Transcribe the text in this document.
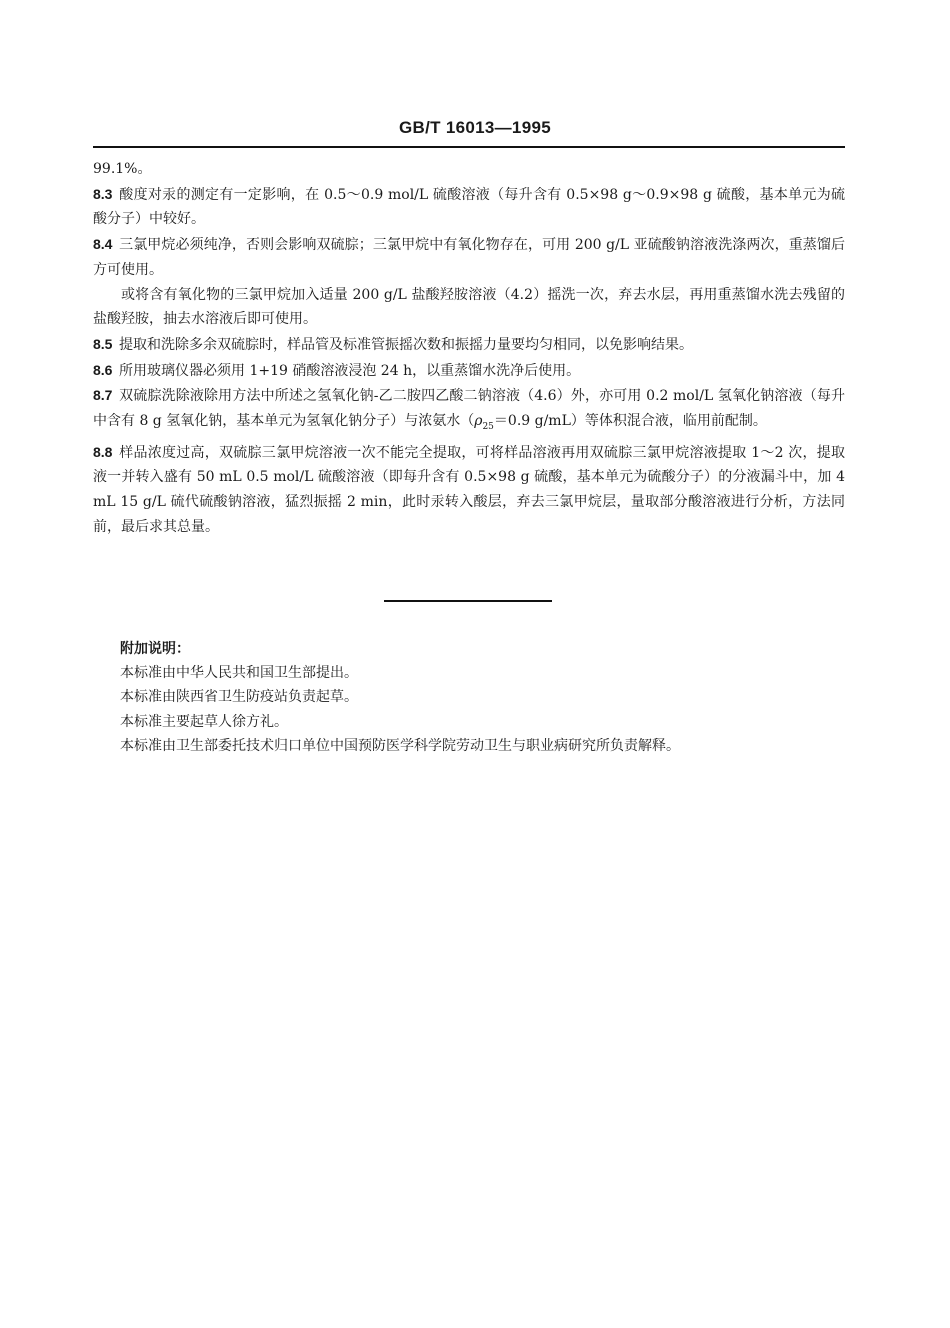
GB/T 16013—1995

99.1%。

8.3 酸度对汞的测定有一定影响，在 0.5～0.9 mol/L 硫酸溶液（每升含有 0.5×98 g～0.9×98 g 硫酸，基本单元为硫酸分子）中较好。

8.4 三氯甲烷必须纯净，否则会影响双硫腙；三氯甲烷中有氧化物存在，可用 200 g/L 亚硫酸钠溶液洗涤两次，重蒸馏后方可使用。

或将含有氧化物的三氯甲烷加入适量 200 g/L 盐酸羟胺溶液（4.2）摇洗一次，弃去水层，再用重蒸馏水洗去残留的盐酸羟胺，抽去水溶液后即可使用。

8.5 提取和洗除多余双硫腙时，样品管及标准管振摇次数和振摇力量要均匀相同，以免影响结果。

8.6 所用玻璃仪器必须用 1+19 硝酸溶液浸泡 24 h，以重蒸馏水洗净后使用。

8.7 双硫腙洗除液除用方法中所述之氢氧化钠-乙二胺四乙酸二钠溶液（4.6）外，亦可用 0.2 mol/L 氢氧化钠溶液（每升中含有 8 g 氢氧化钠，基本单元为氢氧化钠分子）与浓氨水（$\rho_{25}=0.9$ g/mL）等体积混合液，临用前配制。

8.8 样品浓度过高，双硫腙三氯甲烷溶液一次不能完全提取，可将样品溶液再用双硫腙三氯甲烷溶液提取 1～2 次，提取液一并转入盛有 50 mL 0.5 mol/L 硫酸溶液（即每升含有 0.5×98 g 硫酸，基本单元为硫酸分子）的分液漏斗中，加 4 mL 15 g/L 硫代硫酸钠溶液，猛烈振摇 2 min，此时汞转入酸层，弃去三氯甲烷层，量取部分酸溶液进行分析，方法同前，最后求其总量。

附加说明：

本标准由中华人民共和国卫生部提出。

本标准由陕西省卫生防疫站负责起草。

本标准主要起草人徐方礼。

本标准由卫生部委托技术归口单位中国预防医学科学院劳动卫生与职业病研究所负责解释。
